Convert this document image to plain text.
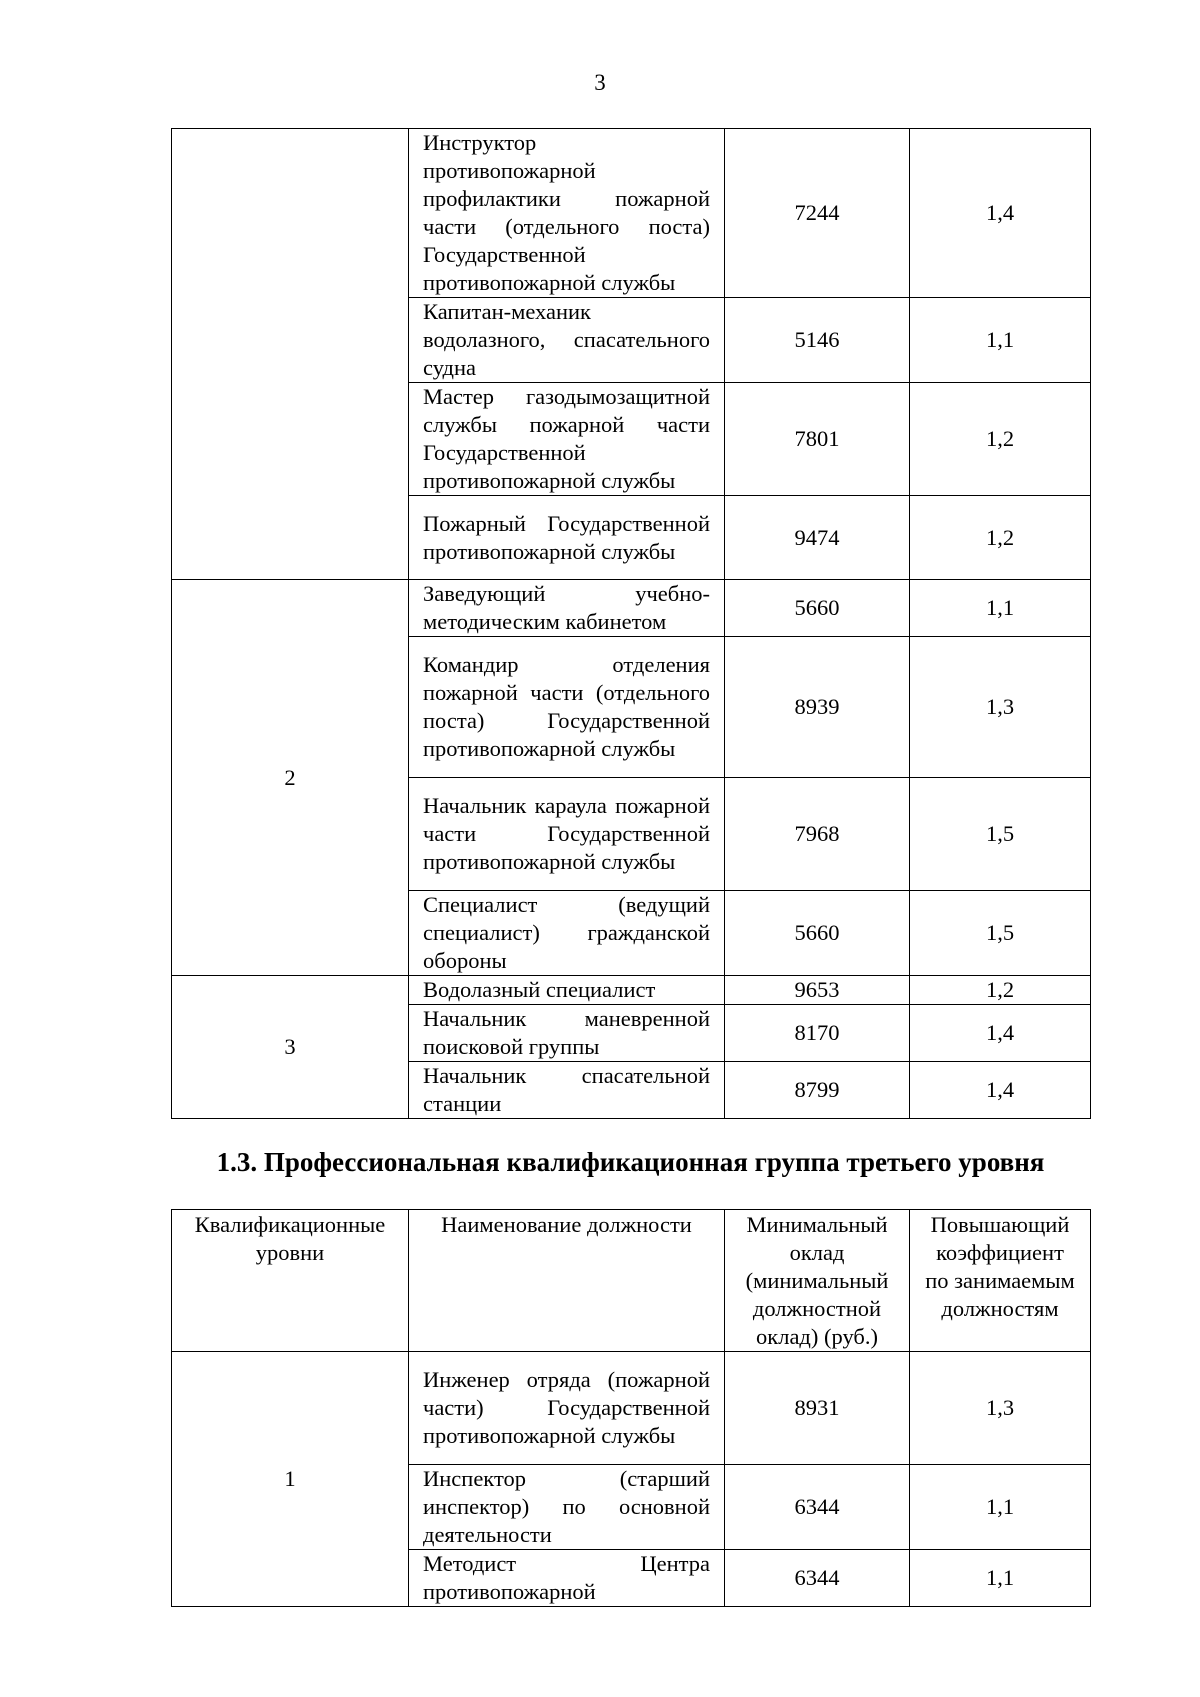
3
	Инструктор противопожарной профилактики пожарной части (отдельного поста) Государственной противопожарной службы	7244	1,4
	Капитан-механик водолазного, спасательного судна	5146	1,1
	Мастер газодымозащитной службы пожарной части Государственной противопожарной службы	7801	1,2
	Пожарный Государственной противопожарной службы	9474	1,2
2	Заведующий учебно-методическим кабинетом	5660	1,1
	Командир отделения пожарной части (отдельного поста) Государственной противопожарной службы	8939	1,3
	Начальник караула пожарной части Государственной противопожарной службы	7968	1,5
	Специалист (ведущий специалист) гражданской обороны	5660	1,5
3	Водолазный специалист	9653	1,2
	Начальник маневренной поисковой группы	8170	1,4
	Начальник спасательной станции	8799	1,4
1.3. Профессиональная квалификационная группа третьего уровня
Квалификационные уровни	Наименование должности	Минимальный оклад (минимальный должностной оклад) (руб.)	Повышающий коэффициент по занимаемым должностям
1	Инженер отряда (пожарной части) Государственной противопожарной службы	8931	1,3
	Инспектор (старший инспектор) по основной деятельности	6344	1,1
	Методист Центра противопожарной	6344	1,1
